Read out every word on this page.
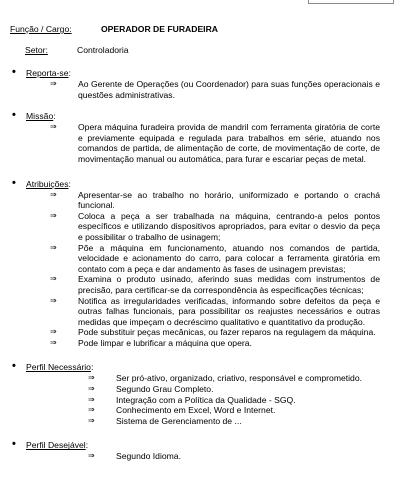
Função / Cargo:	OPERADOR DE FURADEIRA
Setor:	Controladoria
• Reporta-se:
⇒ Ao Gerente de Operações (ou Coordenador) para suas funções operacionais e questões administrativas.
• Missão:
⇒ Opera máquina furadeira provida de mandril com ferramenta giratória de corte e previamente equipada e regulada para trabalhos em série, atuando nos comandos de partida, de alimentação de corte, de movimentação de corte, de movimentação manual ou automática, para furar e escariar peças de metal.
• Atribuições:
⇒ Apresentar-se ao trabalho no horário, uniformizado e portando o crachá funcional.
⇒ Coloca a peça a ser trabalhada na máquina, centrando-a pelos pontos específicos e utilizando dispositivos apropriados, para evitar o desvio da peça e possibilitar o trabalho de usinagem;
⇒ Põe a máquina em funcionamento, atuando nos comandos de partida, velocidade e acionamento do carro, para colocar a ferramenta giratória em contato com a peça e dar andamento às fases de usinagem previstas;
⇒ Examina o produto usinado, aferindo suas medidas com instrumentos de precisão, para certificar-se da correspondência às especificações técnicas;
⇒ Notifica as irregularidades verificadas, informando sobre defeitos da peça e outras falhas funcionais, para possibilitar os reajustes necessários e outras medidas que impeçam o decréscimo qualitativo e quantitativo da produção.
⇒ Pode substituir peças mecânicas, ou fazer reparos na regulagem da máquina.
⇒ Pode limpar e lubrificar a máquina que opera.
• Perfil Necessário:
⇒ Ser pró-ativo, organizado, criativo, responsável e comprometido.
⇒ Segundo Grau Completo.
⇒ Integração com a Política da Qualidade - SGQ.
⇒ Conhecimento em Excel, Word e Internet.
⇒ Sistema de Gerenciamento de ...
• Perfil Desejável:
⇒ Segundo Idioma.
